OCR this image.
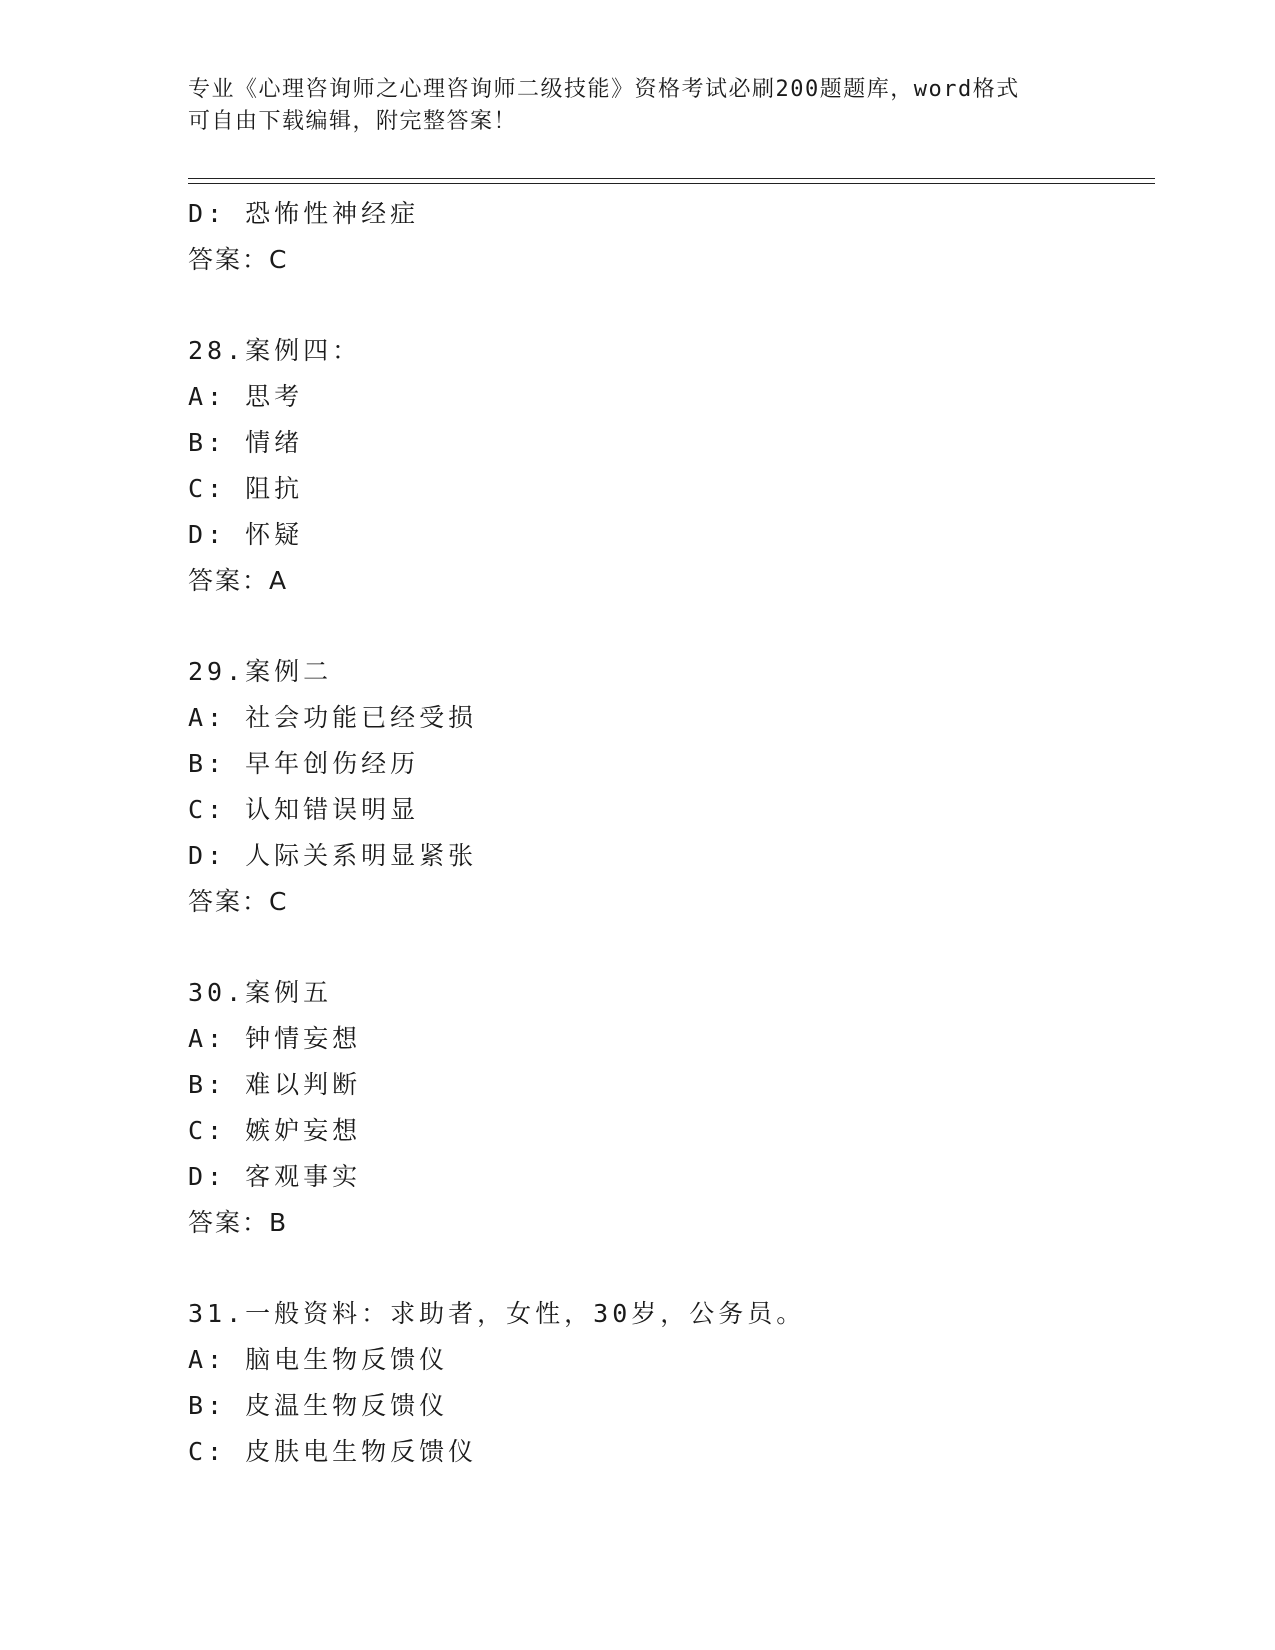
专业《心理咨询师之心理咨询师二级技能》资格考试必刷200题题库，word格式
可自由下载编辑，附完整答案！
D: 恐怖性神经症
答案：C
28.案例四：
A: 思考
B: 情绪
C: 阻抗
D: 怀疑
答案：A
29.案例二
A: 社会功能已经受损
B: 早年创伤经历
C: 认知错误明显
D: 人际关系明显紧张
答案：C
30.案例五
A: 钟情妄想
B: 难以判断
C: 嫉妒妄想
D: 客观事实
答案：B
31.一般资料：求助者，女性，30岁，公务员。
A: 脑电生物反馈仪
B: 皮温生物反馈仪
C: 皮肤电生物反馈仪
